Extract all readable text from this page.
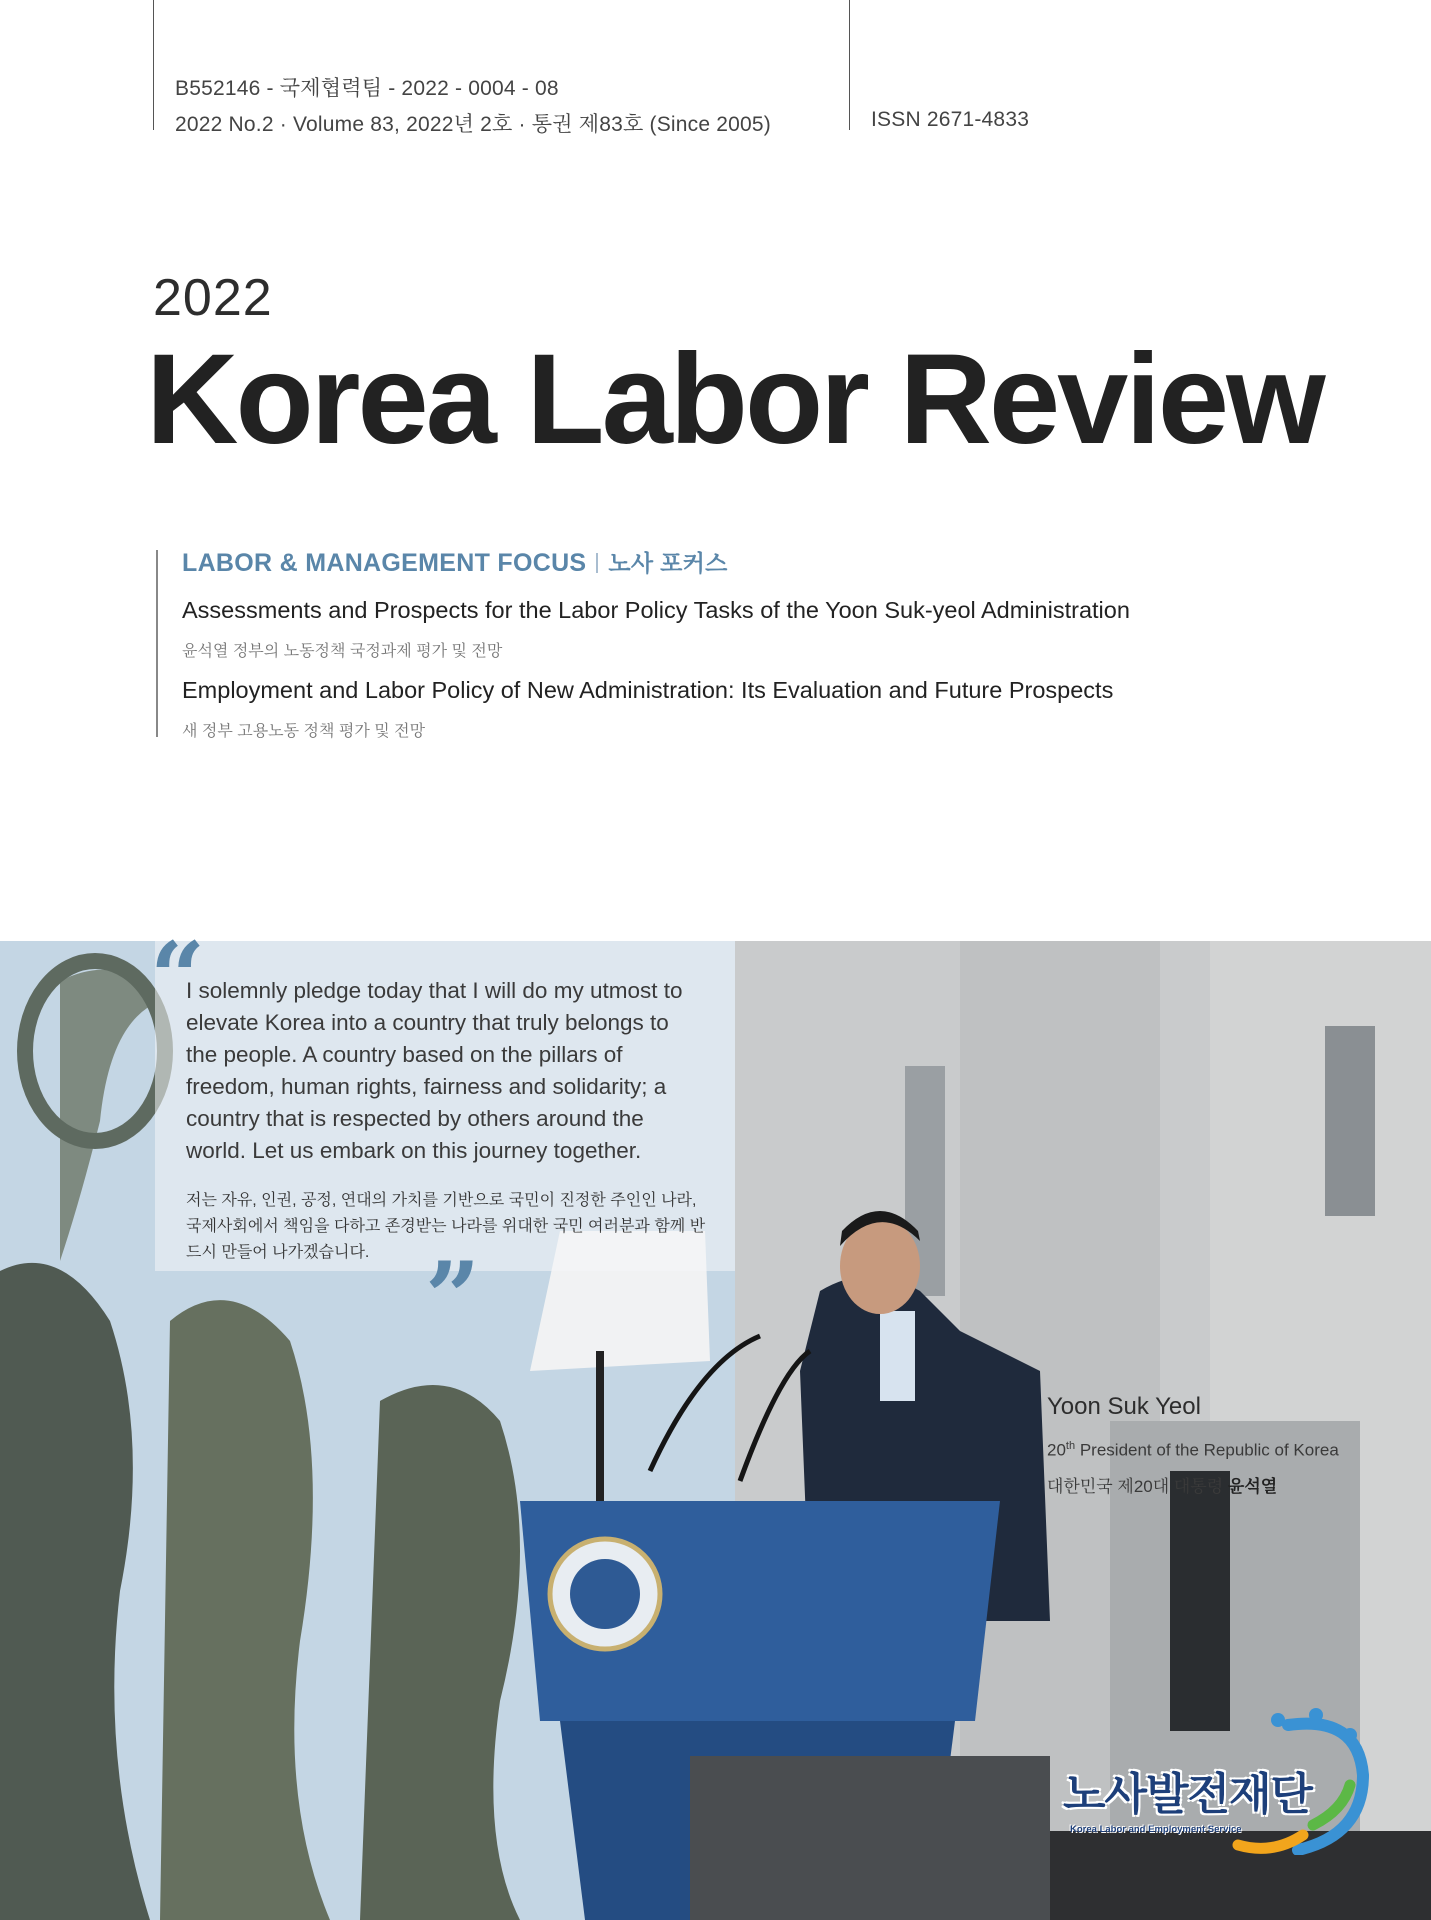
B552146 - 국제협력팀 - 2022 - 0004 - 08
2022 No.2 · Volume 83, 2022년 2호 · 통권 제83호 (Since 2005)	ISSN 2671-4833
2022
Korea Labor Review
LABOR & MANAGEMENT FOCUS 노사 포커스
Assessments and Prospects for the Labor Policy Tasks of the Yoon Suk-yeol Administration
윤석열 정부의 노동정책 국정과제 평가 및 전망
Employment and Labor Policy of New Administration: Its Evaluation and Future Prospects
새 정부 고용노동 정책 평가 및 전망
“
I solemnly pledge today that I will do my utmost to elevate Korea into a country that truly belongs to the people. A country based on the pillars of freedom, human rights, fairness and solidarity; a country that is respected by others around the world. Let us embark on this journey together.
저는 자유, 인권, 공정, 연대의 가치를 기반으로 국민이 진정한 주인인 나라, 국제사회에서 책임을 다하고 존경받는 나라를 위대한 국민 여러분과 함께 반드시 만들어 나가겠습니다. ”
Yoon Suk Yeol
20th President of the Republic of Korea
대한민국 제20대 대통령 윤석열
노사발전재단
Korea Labor and Employment Service
